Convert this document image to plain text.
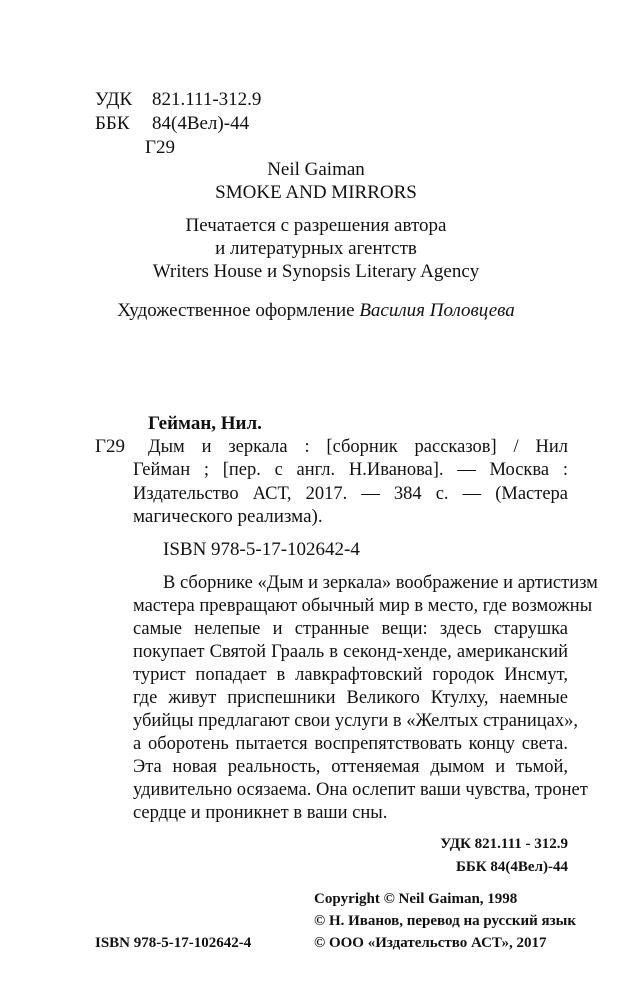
УДК 821.111-312.9
ББК 84(4Вел)-44
Г29
Neil Gaiman
SMOKE AND MIRRORS
Печатается с разрешения автора
и литературных агентств
Writers House и Synopsis Literary Agency
Художественное оформление Василия Половцева
Гейман, Нил.
Г29 Дым и зеркала : [сборник рассказов] / Нил
Гейман ; [пер. с англ. Н.Иванова]. — Москва :
Издательство АСТ, 2017. — 384 с. — (Мастера
магического реализма).
ISBN 978-5-17-102642-4
В сборнике «Дым и зеркала» воображение и артистизм
мастера превращают обычный мир в место, где возможны
самые нелепые и странные вещи: здесь старушка
покупает Святой Грааль в секонд-хенде, американский
турист попадает в лавкрафтовский городок Инсмут,
где живут приспешники Великого Ктулху, наемные
убийцы предлагают свои услуги в «Желтых страницах»,
а оборотень пытается воспрепятствовать концу света.
Эта новая реальность, оттеняемая дымом и тьмой,
удивительно осязаема. Она ослепит ваши чувства, тронет
сердце и проникнет в ваши сны.
УДК 821.111 - 312.9
ББК 84(4Вел)-44
ISBN 978-5-17-102642-4
Copyright © Neil Gaiman, 1998
© Н. Иванов, перевод на русский язык
© ООО «Издательство АСТ», 2017
